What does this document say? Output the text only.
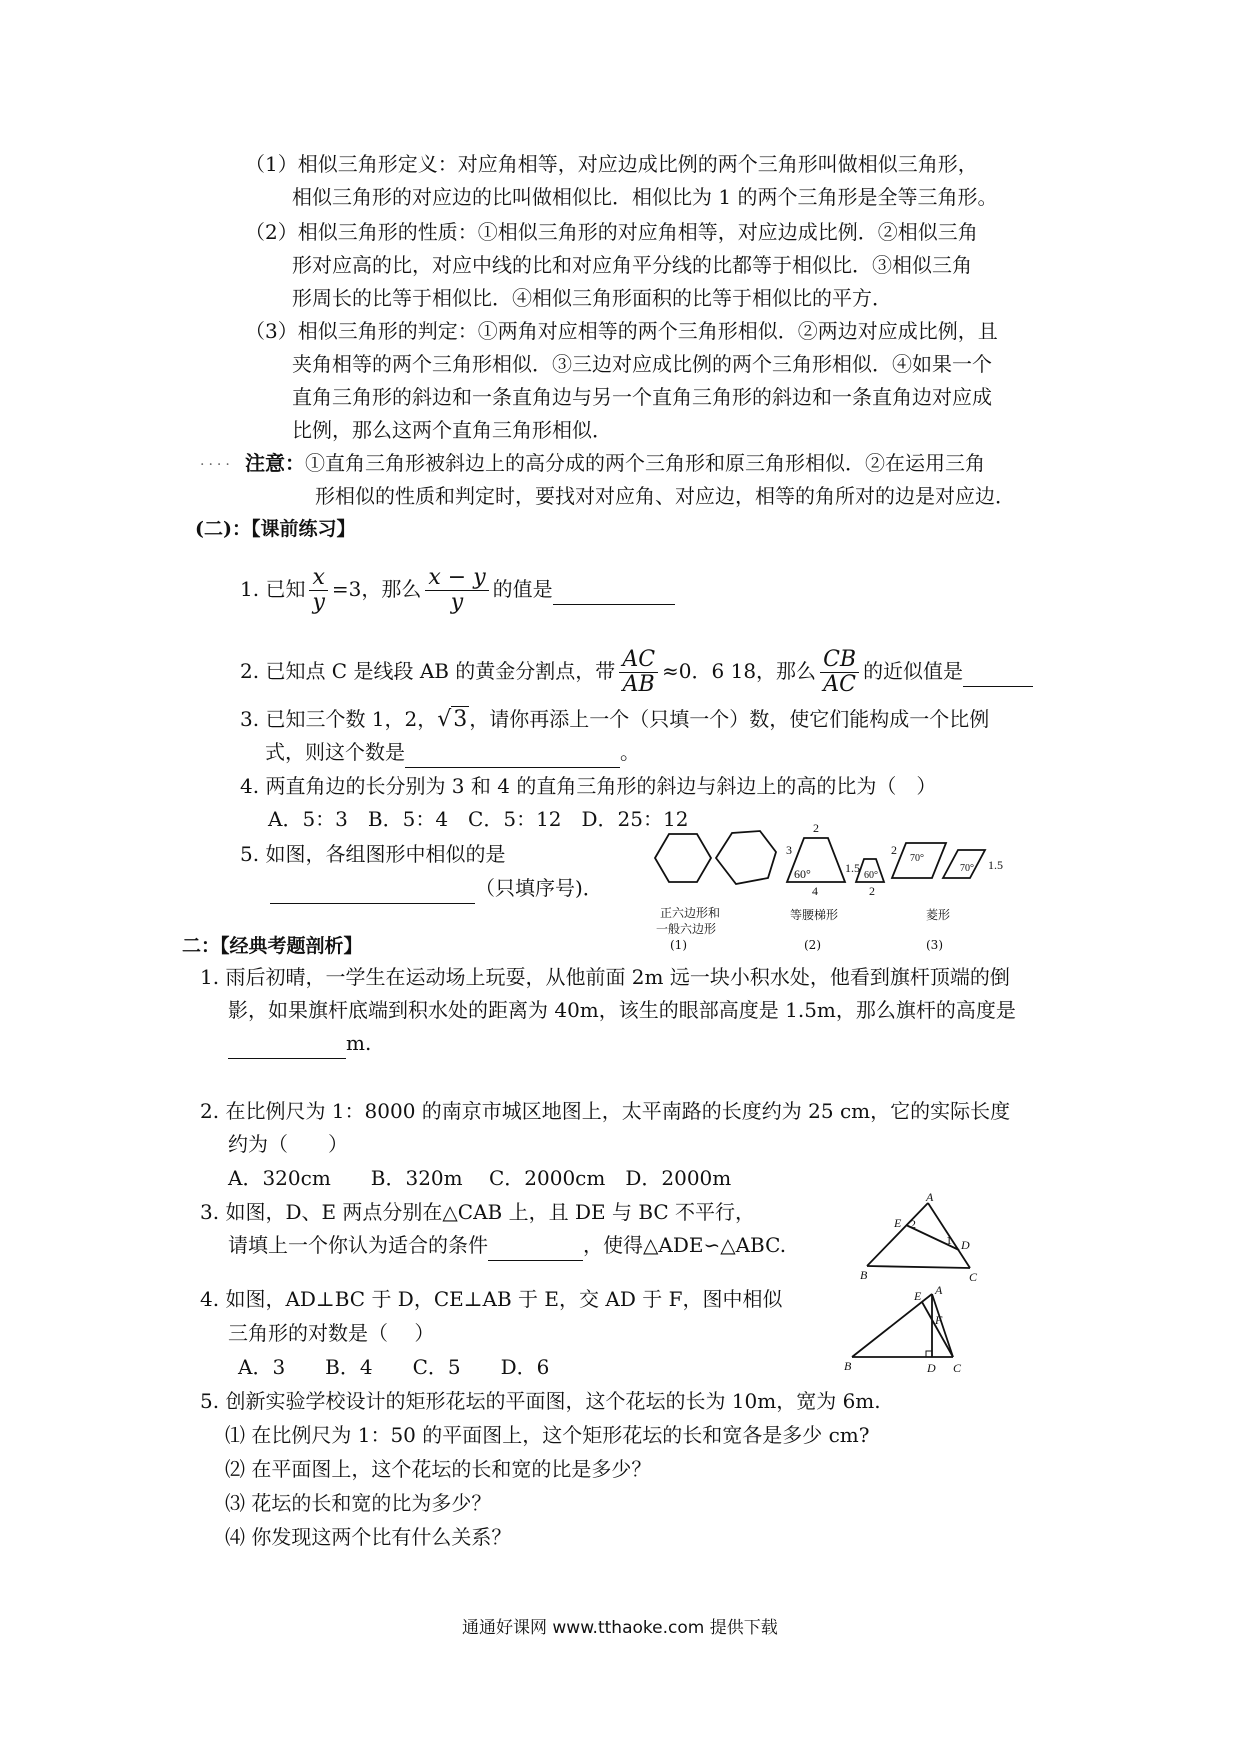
（1）相似三角形定义：对应角相等，对应边成比例的两个三角形叫做相似三角形，
相似三角形的对应边的比叫做相似比．相似比为 1 的两个三角形是全等三角形。
（2）相似三角形的性质：①相似三角形的对应角相等，对应边成比例．②相似三角
形对应高的比，对应中线的比和对应角平分线的比都等于相似比．③相似三角
形周长的比等于相似比．④相似三角形面积的比等于相似比的平方．
（3）相似三角形的判定：①两角对应相等的两个三角形相似．②两边对应成比例，且
夹角相等的两个三角形相似．③三边对应成比例的两个三角形相似．④如果一个
直角三角形的斜边和一条直角边与另一个直角三角形的斜边和一条直角边对应成
比例，那么这两个直角三角形相似．
.... 注意：①直角三角形被斜边上的高分成的两个三角形和原三角形相似．②在运用三角
形相似的性质和判定时，要找对对应角、对应边，相等的角所对的边是对应边．
(二)：【课前练习】
1. 已知 $\frac{x}{y} =3$，那么 $\frac{x - y}{y}$ 的值是
2. 已知点 C 是线段 AB 的黄金分割点，带 $\frac{AC}{AB} \approx 0$．6 18，那么 $\frac{CB}{AC}$ 的近似值是
3. 已知三个数 1，2，√3 ，请你再添上一个（只填一个）数，使它们能构成一个比例
式，则这个数是	。
4. 两直角边的长分别为 3 和 4 的直角三角形的斜边与斜边上的高的比为（　）
A．5：3　B．5：4　C．5：12　D．25：12
5. 如图，各组图形中相似的是
（只填序号)．
3
2
60°
4
1.5
60°
2
2
70°
70° 1.5
正六边形和
一般六边形
(1)
等腰梯形
(2)
菱形
(3)
二：【经典考题剖析】
1. 雨后初晴，一学生在运动场上玩耍，从他前面 2m 远一块小积水处，他看到旗杆顶端的倒
影，如果旗杆底端到积水处的距离为 40m，该生的眼部高度是 1.5m，那么旗杆的高度是
m.
2. 在比例尺为 1：8000 的南京市城区地图上，太平南路的长度约为 25 cm，它的实际长度
约为（　　）
A．320cm　　B．320m　 C．2000cm　D．2000m
3. 如图，D、E 两点分别在△CAB 上，且 DE 与 BC 不平行，
请填上一个你认为适合的条件	，使得△ADE∽△ABC.
A
E 2
1 D
B	C
4. 如图，AD⊥BC 于 D，CE⊥AB 于 E，交 AD 于 F，图中相似
三角形的对数是（　 ）
A．3　　B．4　　C．5　　D．6
A
E
F
B	D C
5. 创新实验学校设计的矩形花坛的平面图，这个花坛的长为 10m，宽为 6m.
⑴ 在比例尺为 1：50 的平面图上，这个矩形花坛的长和宽各是多少 cm?
⑵ 在平面图上，这个花坛的长和宽的比是多少？
⑶ 花坛的长和宽的比为多少？
⑷ 你发现这两个比有什么关系？
通通好课网 www.tthaoke.com 提供下载
